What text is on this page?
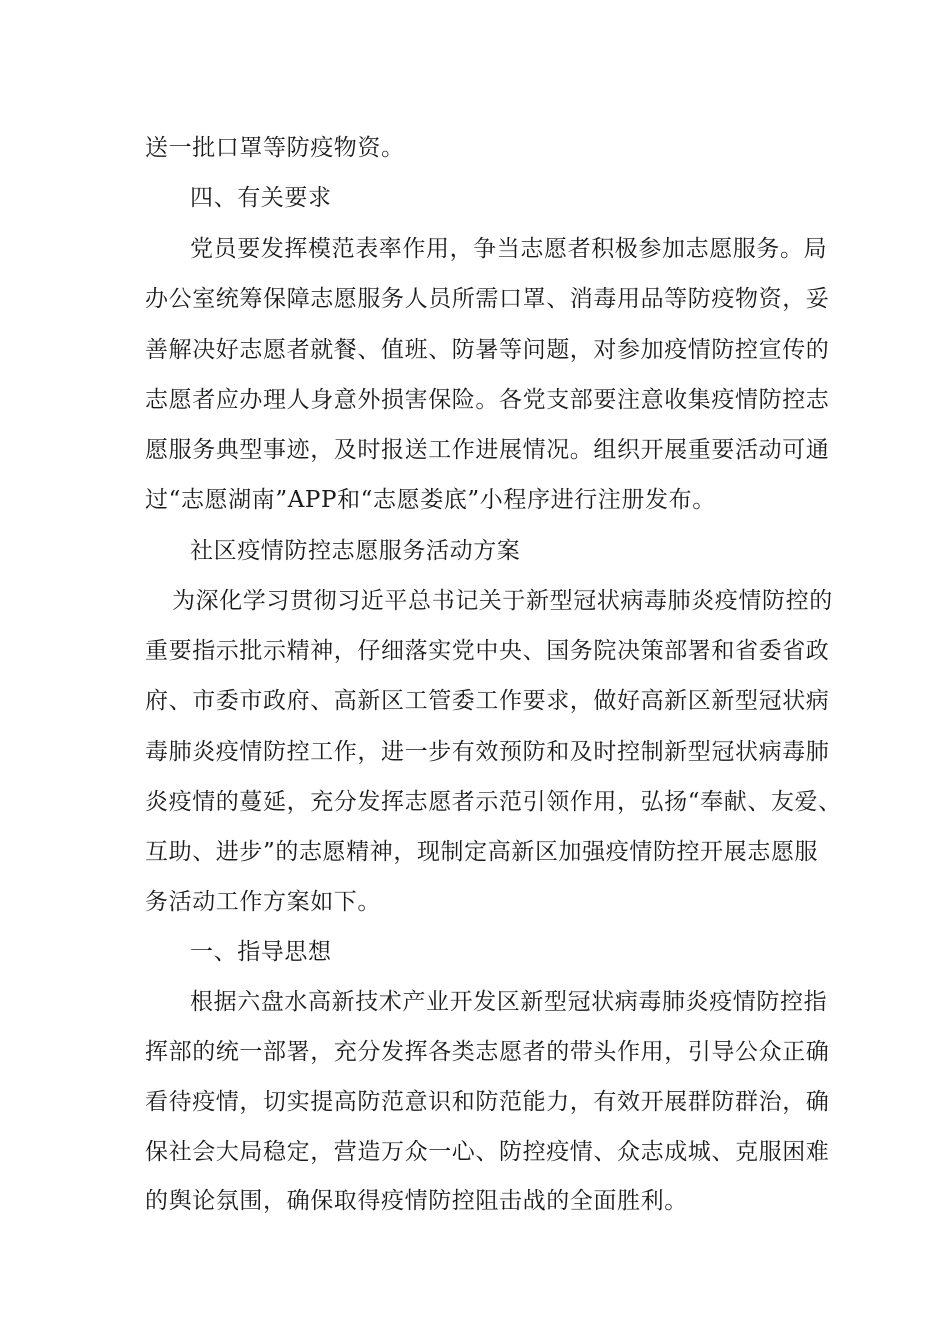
送一批口罩等防疫物资。
四、有关要求
党员要发挥模范表率作用，争当志愿者积极参加志愿服务。局
办公室统筹保障志愿服务人员所需口罩、消毒用品等防疫物资，妥
善解决好志愿者就餐、值班、防暑等问题，对参加疫情防控宣传的
志愿者应办理人身意外损害保险。各党支部要注意收集疫情防控志
愿服务典型事迹，及时报送工作进展情况。组织开展重要活动可通
过“志愿湖南”APP和“志愿娄底”小程序进行注册发布。
社区疫情防控志愿服务活动方案
为深化学习贯彻习近平总书记关于新型冠状病毒肺炎疫情防控的
重要指示批示精神，仔细落实党中央、国务院决策部署和省委省政
府、市委市政府、高新区工管委工作要求，做好高新区新型冠状病
毒肺炎疫情防控工作，进一步有效预防和及时控制新型冠状病毒肺
炎疫情的蔓延，充分发挥志愿者示范引领作用，弘扬“奉献、友爱、
互助、进步”的志愿精神，现制定高新区加强疫情防控开展志愿服
务活动工作方案如下。
一、指导思想
根据六盘水高新技术产业开发区新型冠状病毒肺炎疫情防控指
挥部的统一部署，充分发挥各类志愿者的带头作用，引导公众正确
看待疫情，切实提高防范意识和防范能力，有效开展群防群治，确
保社会大局稳定，营造万众一心、防控疫情、众志成城、克服困难
的舆论氛围，确保取得疫情防控阻击战的全面胜利。
